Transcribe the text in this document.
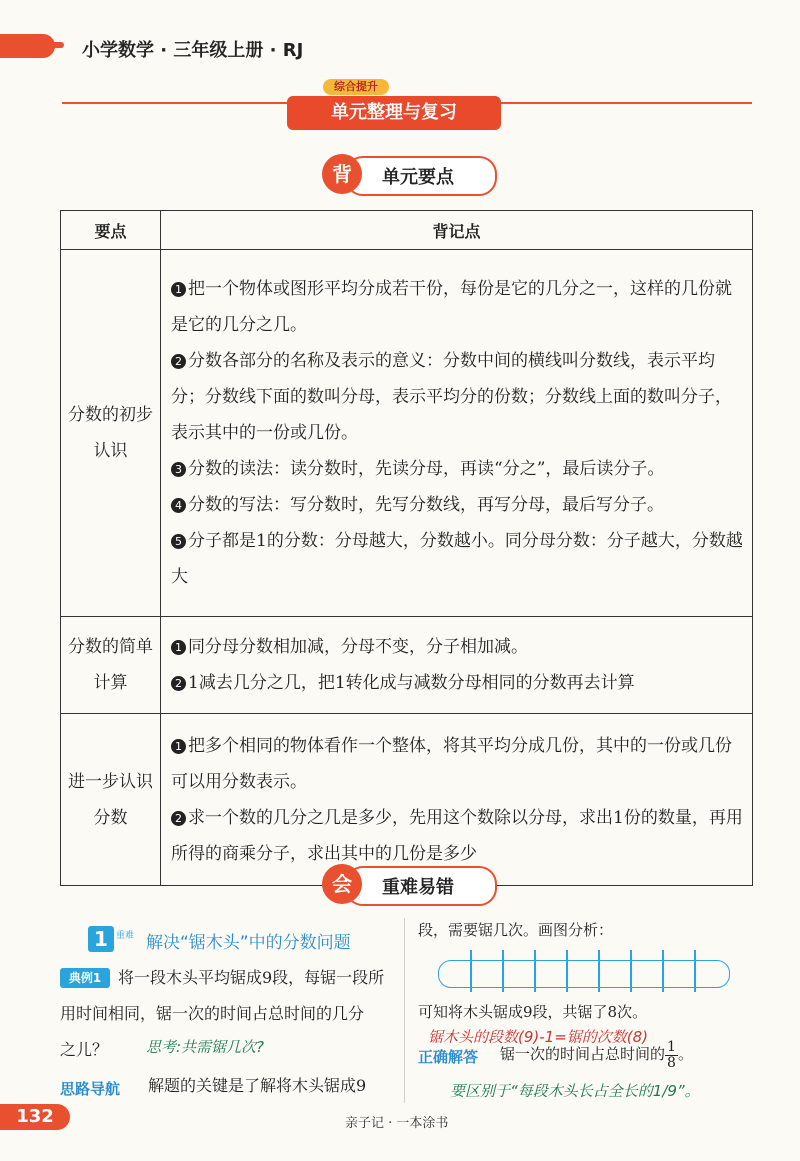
小学数学 · 三年级上册 · RJ
单元整理与复习
综合提升
背	单元要点
要点	背记点
分数的初步认识	1 把一个物体或图形平均分成若干份，每份是它的几分之一，这样的几份就是它的几分之几。
2 分数各部分的名称及表示的意义：分数中间的横线叫分数线，表示平均分；分数线下面的数叫分母，表示平均分的份数；分数线上面的数叫分子，表示其中的一份或几份。
3 分数的读法：读分数时，先读分母，再读“分之”，最后读分子。
4 分数的写法：写分数时，先写分数线，再写分母，最后写分子。
5 分子都是1的分数：分母越大，分数越小。同分母分数：分子越大，分数越大

分数的简单计算	1 同分母分数相加减，分母不变，分子相加减。
2 1减去几分之几，把1转化成与减数分母相同的分数再去计算

进一步认识分数	1 把多个相同的物体看作一个整体，将其平均分成几份，其中的一份或几份可以用分数表示。
2 求一个数的几分之几是多少，先用这个数除以分母，求出1份的数量，再用所得的商乘分子，求出其中的几份是多少
会	重难易错
1 重难 解决“锯木头”中的分数问题
典例1	将一段木头平均锯成9段，每锯一段所
用时间相同，锯一次的时间占总时间的几分
之儿？	思考:共需锯几次?
思路导航 解题的关键是了解将木头锯成9
段，需要锯几次。画图分析：
可知将木头锯成9段，共锯了8次。
锯木头的段数(9)-1=锯的次数(8)
正确解答 锯一次的时间占总时间的 $\frac{1}{8}$。
要区别于“每段木头长占全长的1/9”。
132	亲子记 · 一本涂书
